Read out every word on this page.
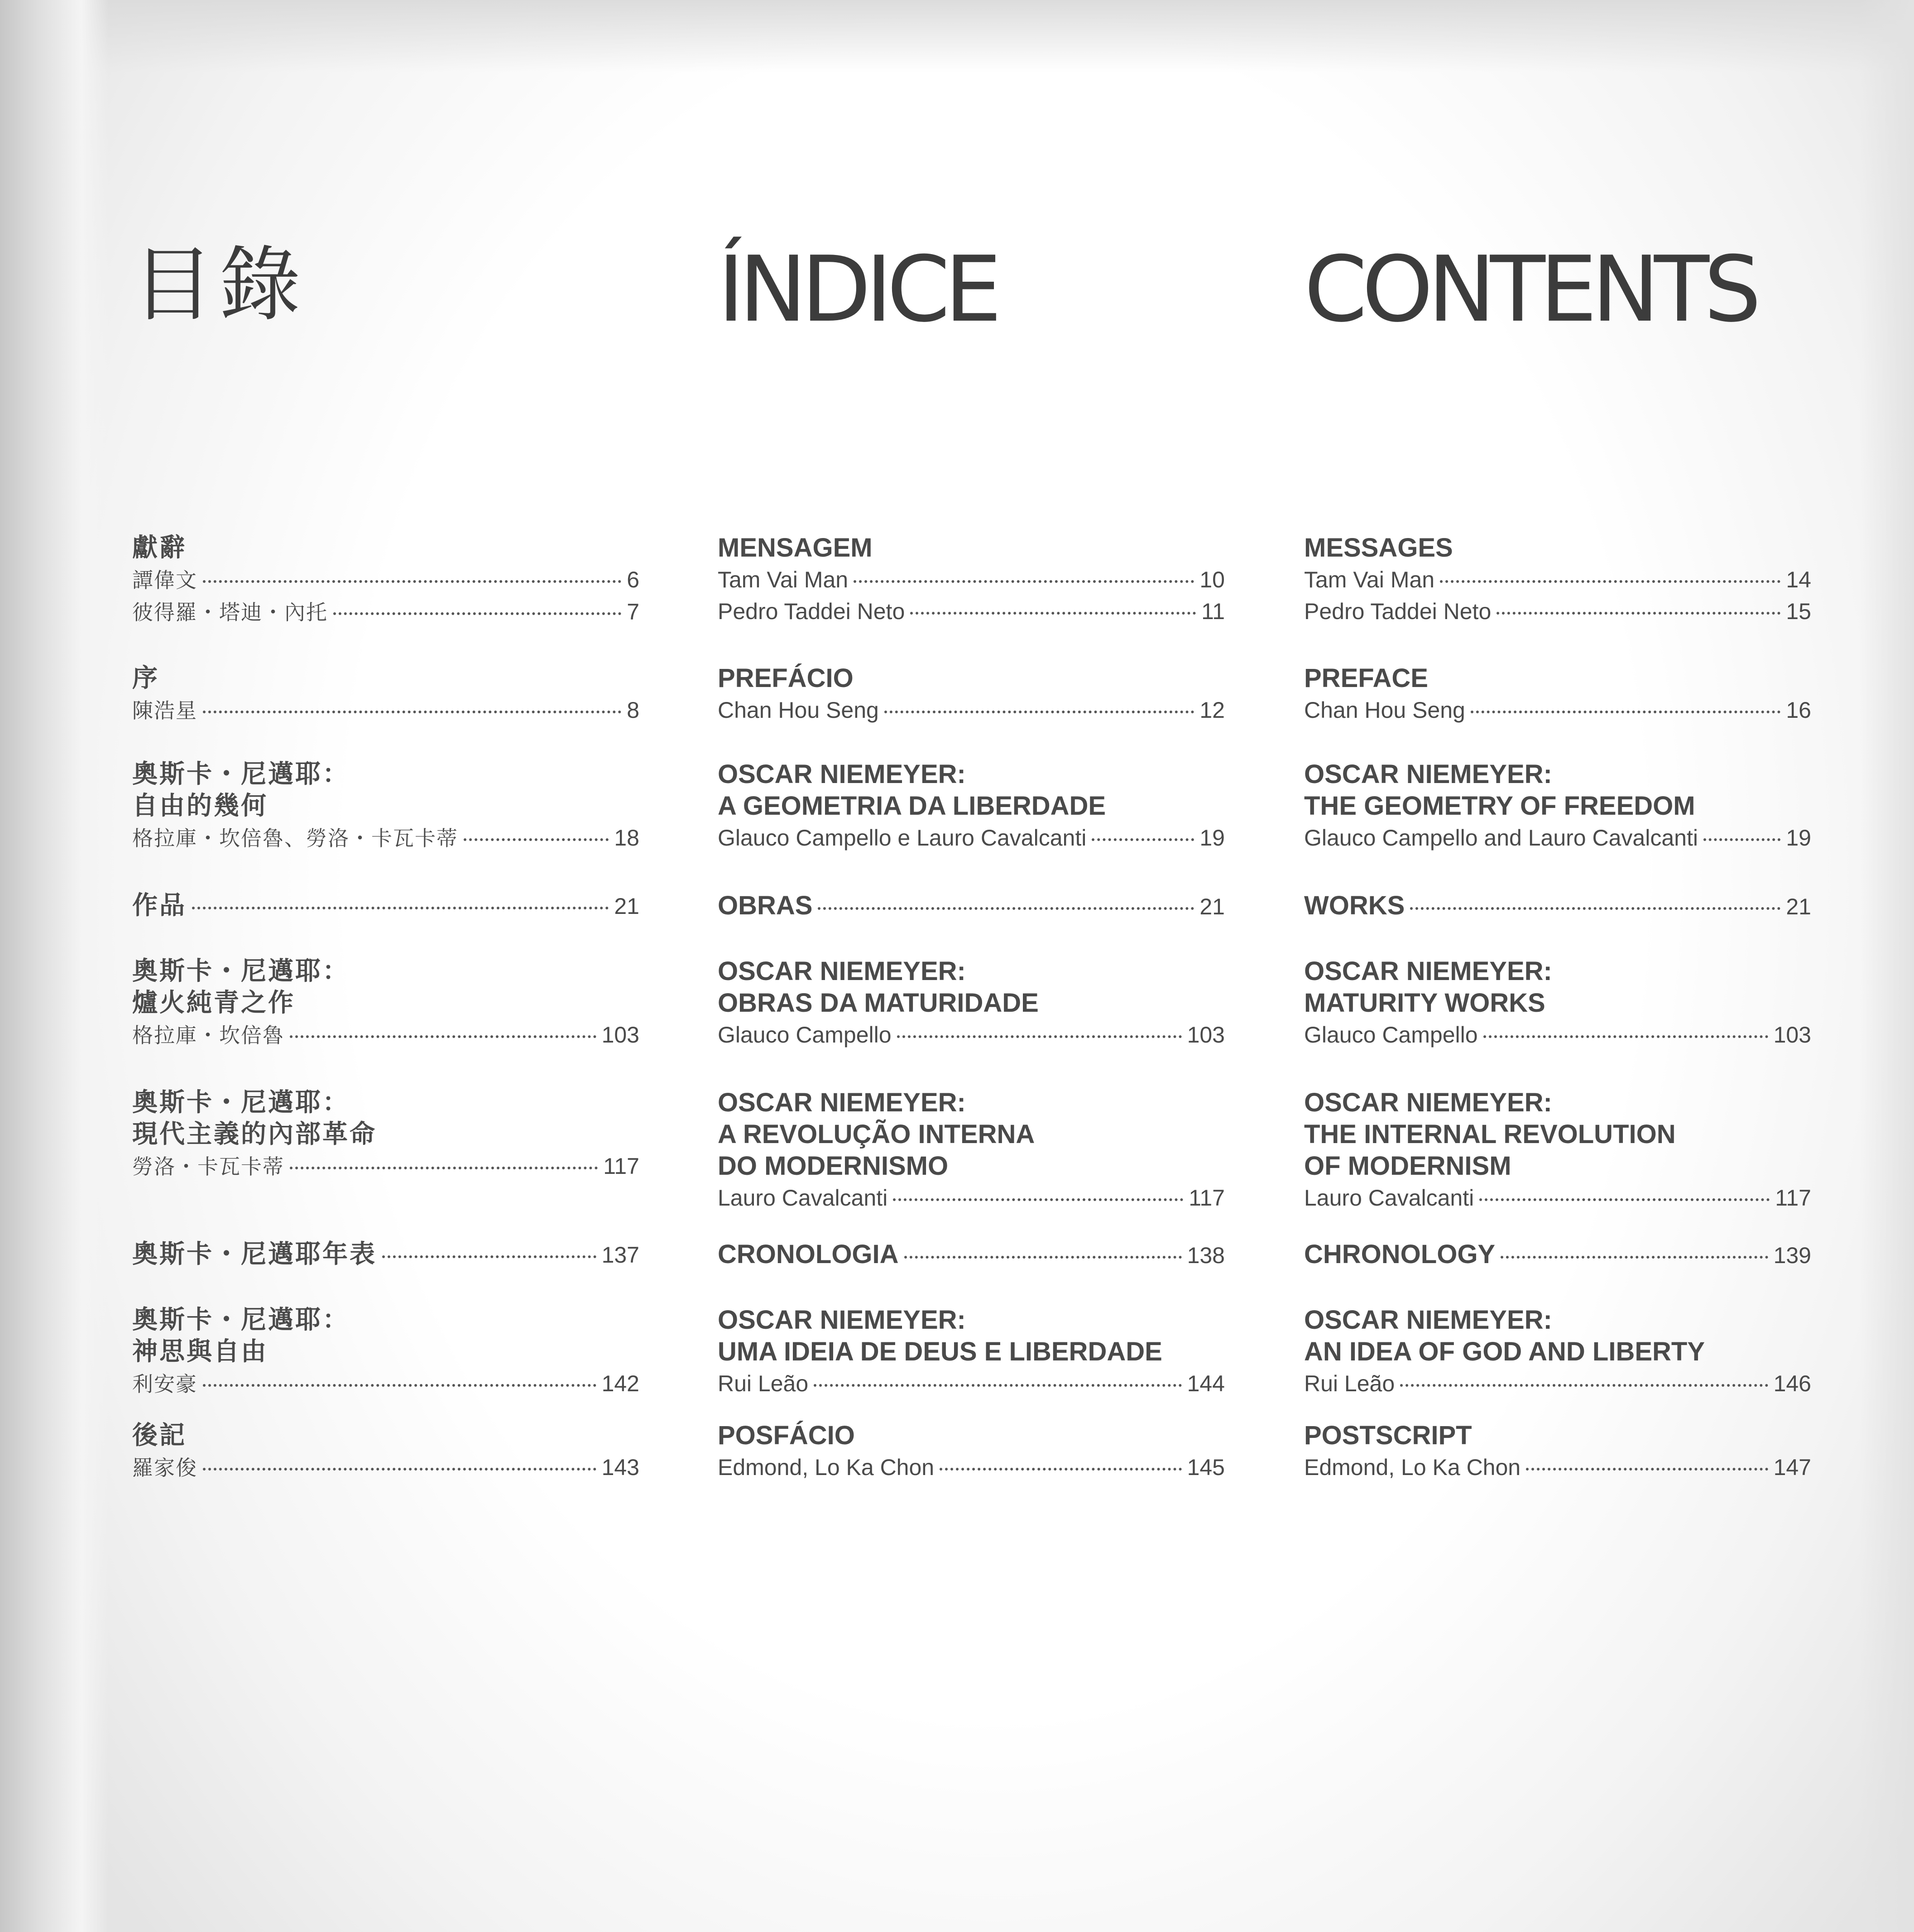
目錄
獻辭
譚偉文	6
彼得羅・塔迪・內托	7
序
陳浩星	8
奧斯卡・尼邁耶：
自由的幾何
格拉庫・坎倍魯、勞洛・卡瓦卡蒂	18
作品	21
奧斯卡・尼邁耶：
爐火純青之作
格拉庫・坎倍魯	103
奧斯卡・尼邁耶：
現代主義的內部革命
勞洛・卡瓦卡蒂	117
奧斯卡・尼邁耶年表	137
奧斯卡・尼邁耶：
神思與自由
利安豪	142
後記
羅家俊	143
ÍNDICE
MENSAGEM
Tam Vai Man	10
Pedro Taddei Neto	11
PREFÁCIO
Chan Hou Seng	12
OSCAR NIEMEYER:
A GEOMETRIA DA LIBERDADE
Glauco Campello e Lauro Cavalcanti	19
OBRAS	21
OSCAR NIEMEYER:
OBRAS DA MATURIDADE
Glauco Campello	103
OSCAR NIEMEYER:
A REVOLUÇÃO INTERNA
DO MODERNISMO
Lauro Cavalcanti	117
CRONOLOGIA	138
OSCAR NIEMEYER:
UMA IDEIA DE DEUS E LIBERDADE
Rui Leão	144
POSFÁCIO
Edmond, Lo Ka Chon	145
CONTENTS
MESSAGES
Tam Vai Man	14
Pedro Taddei Neto	15
PREFACE
Chan Hou Seng	16
OSCAR NIEMEYER:
THE GEOMETRY OF FREEDOM
Glauco Campello and Lauro Cavalcanti	19
WORKS	21
OSCAR NIEMEYER:
MATURITY WORKS
Glauco Campello	103
OSCAR NIEMEYER:
THE INTERNAL REVOLUTION
OF MODERNISM
Lauro Cavalcanti	117
CHRONOLOGY	139
OSCAR NIEMEYER:
AN IDEA OF GOD AND LIBERTY
Rui Leão	146
POSTSCRIPT
Edmond, Lo Ka Chon	147
